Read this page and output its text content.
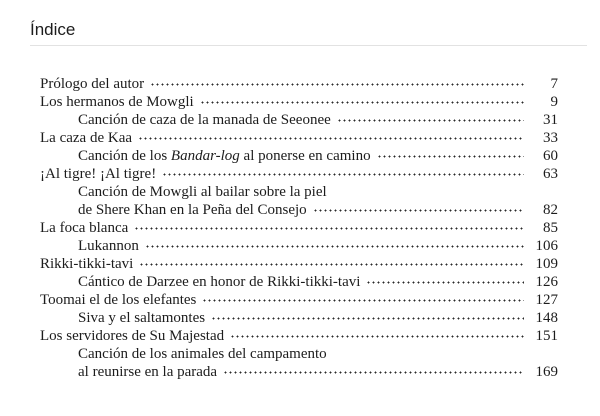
Índice
Prólogo del autor	7
Los hermanos de Mowgli	9
Canción de caza de la manada de Seeonee	31
La caza de Kaa	33
Canción de los Bandar-log al ponerse en camino	60
¡Al tigre! ¡Al tigre!	63
Canción de Mowgli al bailar sobre la piel
de Shere Khan en la Peña del Consejo	82
La foca blanca	85
Lukannon	106
Rikki-tikki-tavi	109
Cántico de Darzee en honor de Rikki-tikki-tavi	126
Toomai el de los elefantes	127
Siva y el saltamontes	148
Los servidores de Su Majestad	151
Canción de los animales del campamento
al reunirse en la parada	169
